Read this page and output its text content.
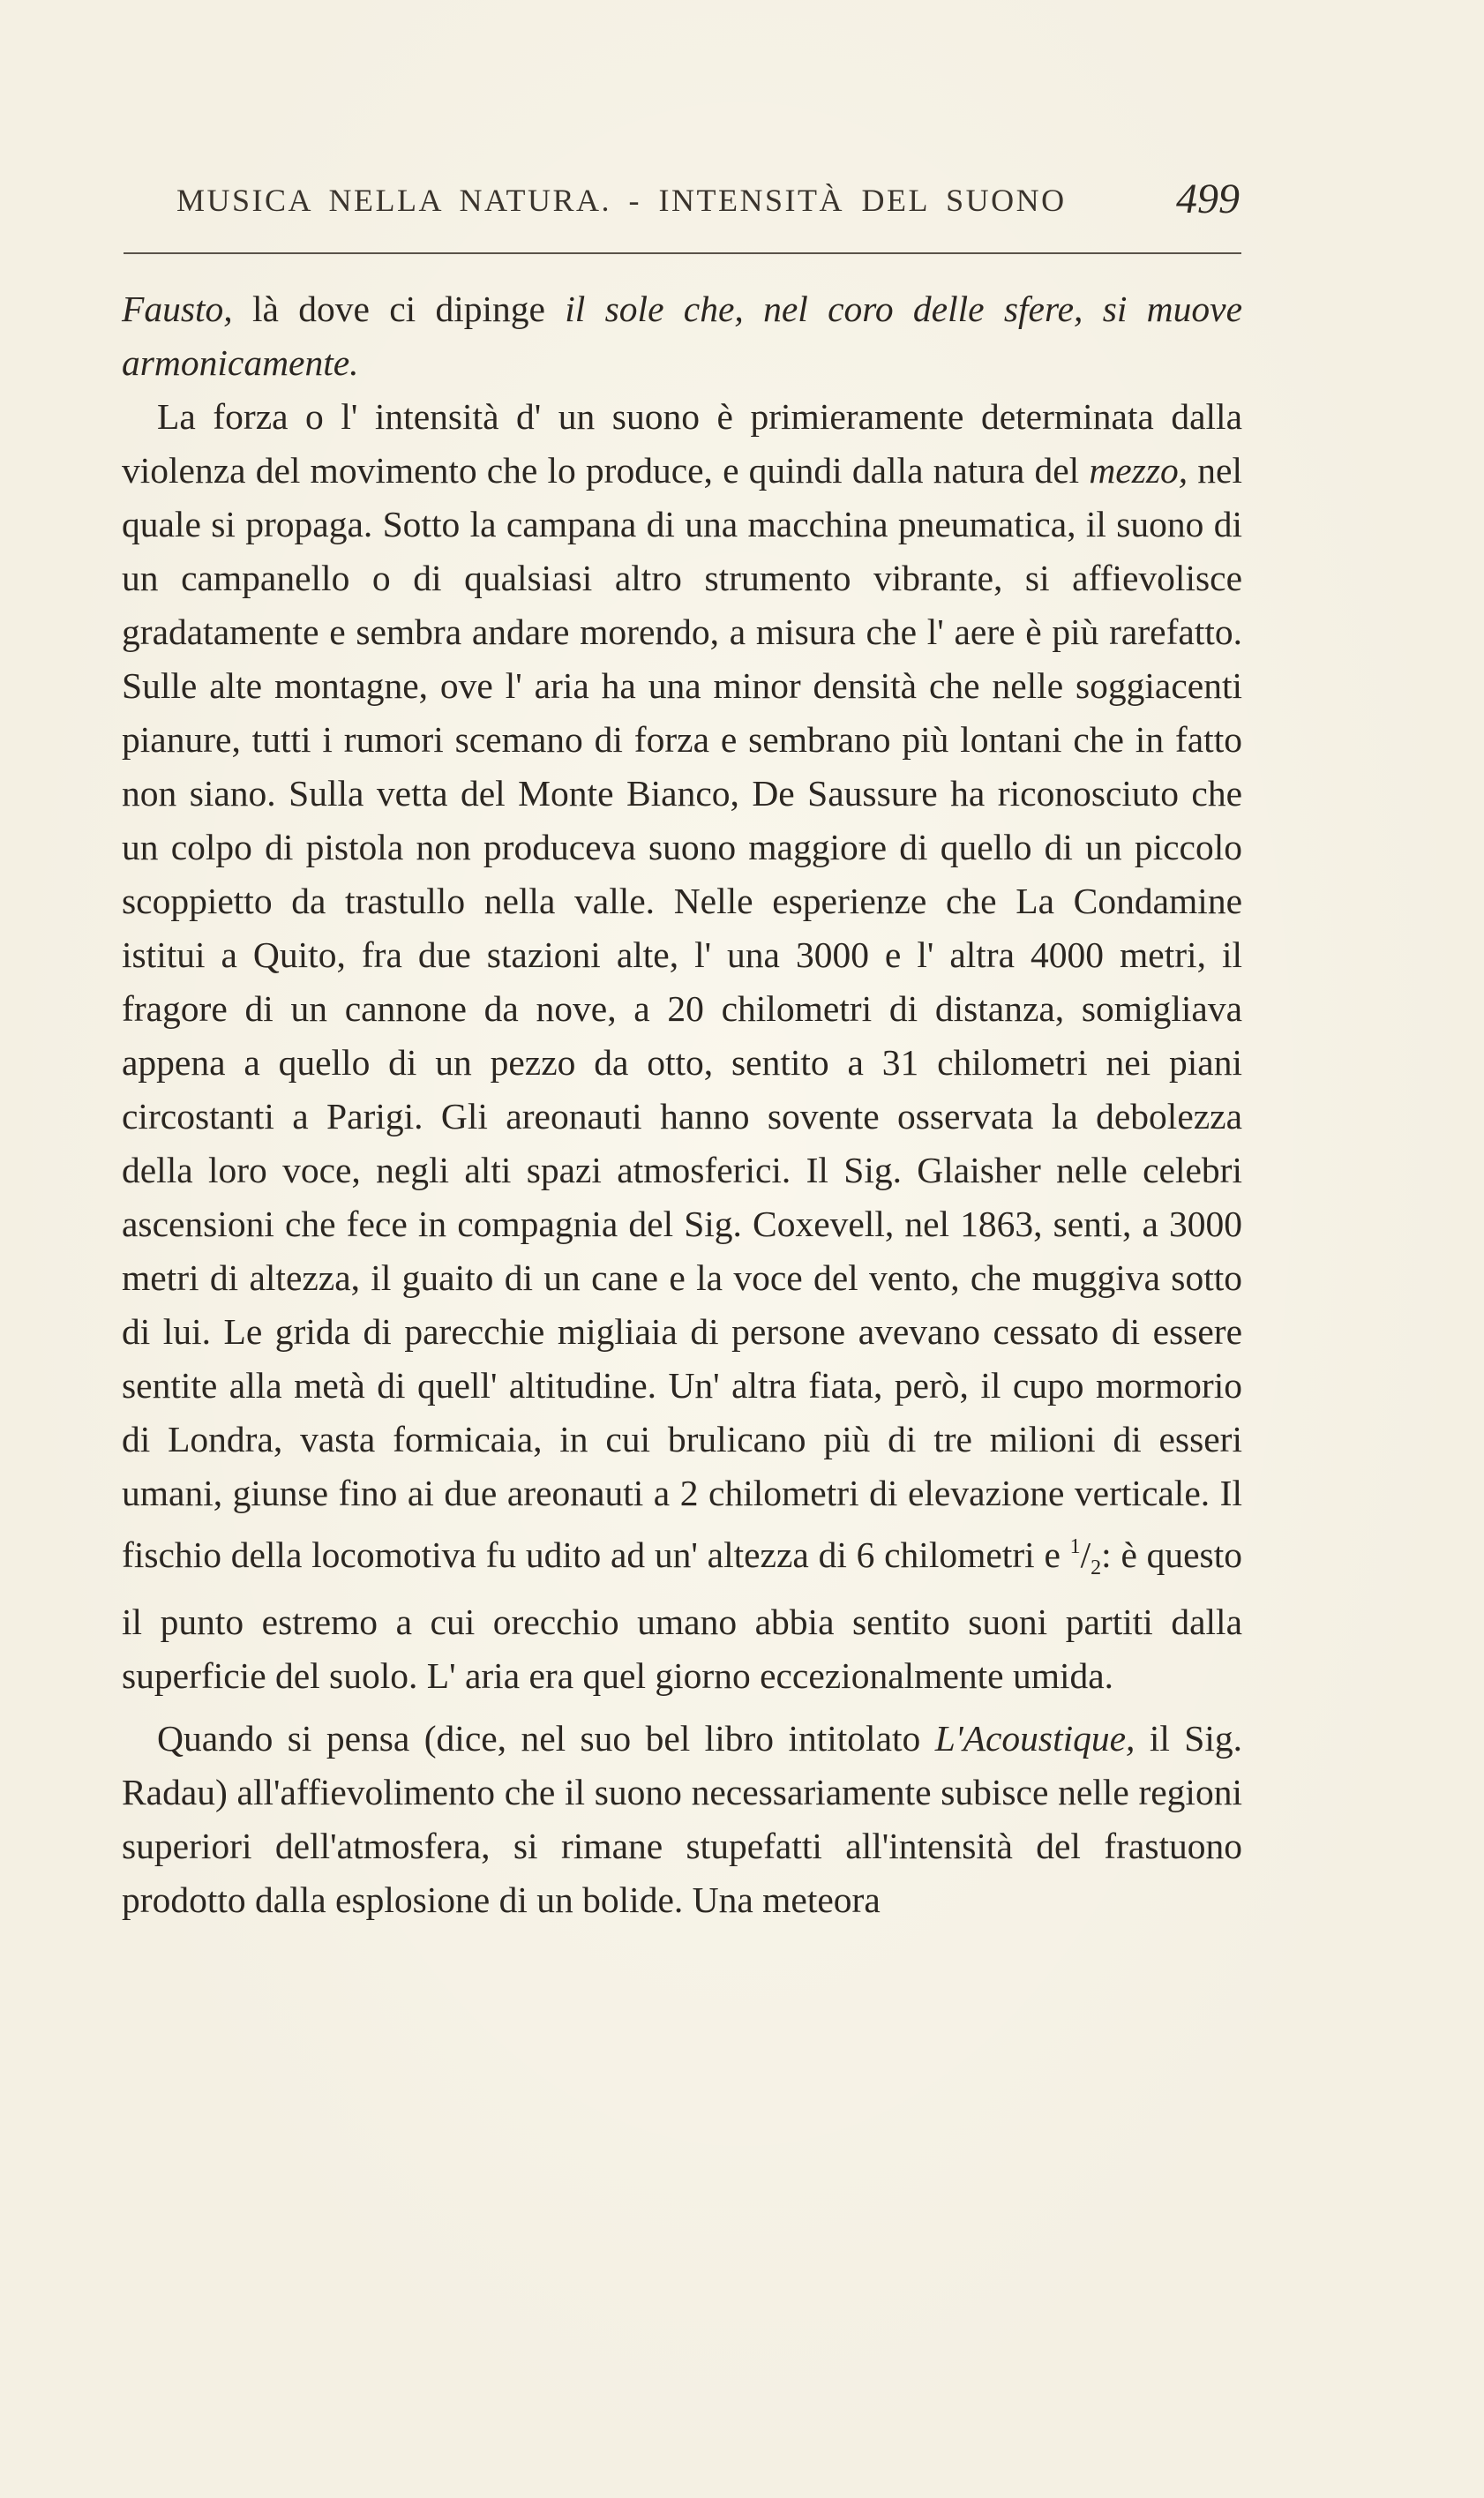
MUSICA NELLA NATURA. - INTENSITÀ DEL SUONO	499

Fausto, là dove ci dipinge il sole che, nel coro delle sfere, si muove armonicamente.

La forza o l' intensità d' un suono è primieramente determinata dalla violenza del movimento che lo produce, e quindi dalla natura del mezzo, nel quale si propaga. Sotto la campana di una macchina pneumatica, il suono di un campanello o di qualsiasi altro strumento vibrante, si affievolisce gradatamente e sembra andare morendo, a misura che l' aere è più rarefatto. Sulle alte montagne, ove l' aria ha una minor densità che nelle soggiacenti pianure, tutti i rumori scemano di forza e sembrano più lontani che in fatto non siano. Sulla vetta del Monte Bianco, De Saussure ha riconosciuto che un colpo di pistola non produceva suono maggiore di quello di un piccolo scoppietto da trastullo nella valle. Nelle esperienze che La Condamine istitui a Quito, fra due stazioni alte, l' una 3000 e l' altra 4000 metri, il fragore di un cannone da nove, a 20 chilometri di distanza, somigliava appena a quello di un pezzo da otto, sentito a 31 chilometri nei piani circostanti a Parigi. Gli areonauti hanno sovente osservata la debolezza della loro voce, negli alti spazi atmosferici. Il Sig. Glaisher nelle celebri ascensioni che fece in compagnia del Sig. Coxevell, nel 1863, senti, a 3000 metri di altezza, il guaito di un cane e la voce del vento, che muggiva sotto di lui. Le grida di parecchie migliaia di persone avevano cessato di essere sentite alla metà di quell' altitudine. Un' altra fiata, però, il cupo mormorio di Londra, vasta formicaia, in cui brulicano più di tre milioni di esseri umani, giunse fino ai due areonauti a 2 chilometri di elevazione verticale. Il fischio della locomotiva fu udito ad un' altezza di 6 chilometri e $^1/_2$: è questo il punto estremo a cui orecchio umano abbia sentito suoni partiti dalla superficie del suolo. L' aria era quel giorno eccezionalmente umida.

Quando si pensa (dice, nel suo bel libro intitolato L'Acoustique, il Sig. Radau) all'affievolimento che il suono necessariamente subisce nelle regioni superiori dell'atmosfera, si rimane stupefatti all'intensità del frastuono prodotto dalla esplosione di un bolide. Una meteora
